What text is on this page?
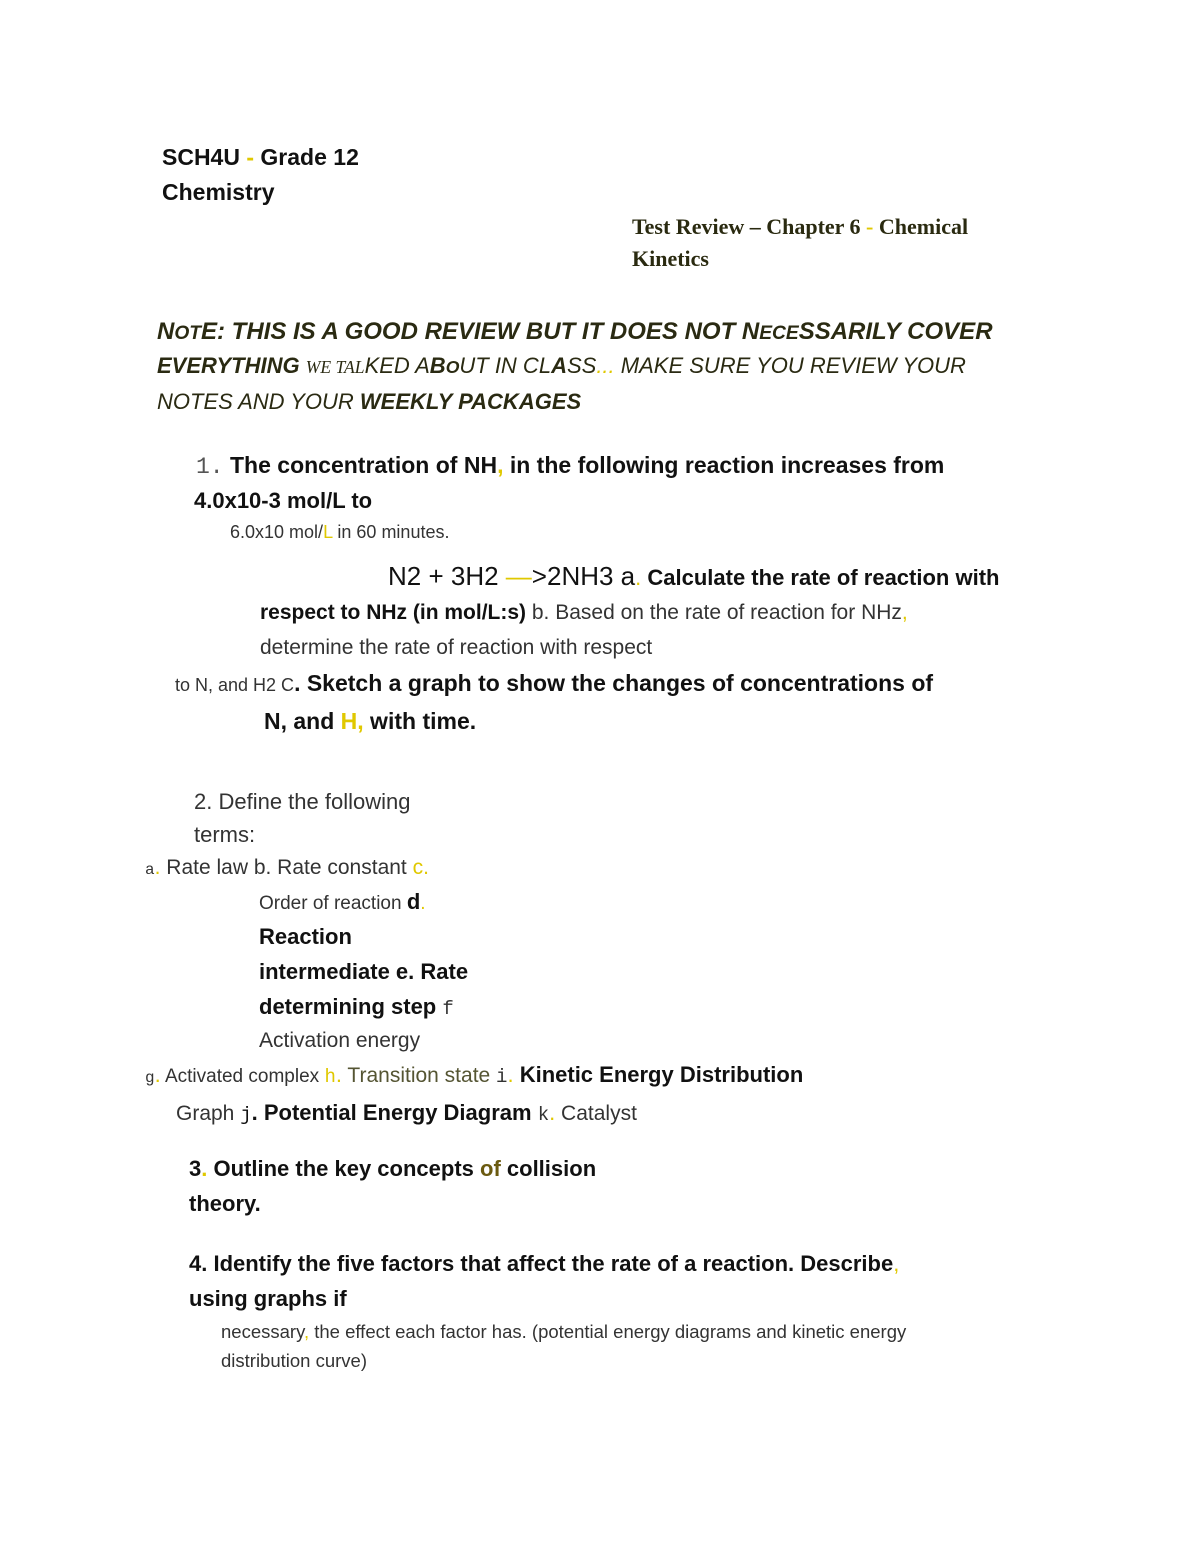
SCH4U - Grade 12
Chemistry
Test Review – Chapter 6 - Chemical
Kinetics
NOTE: THIS IS A GOOD REVIEW BUT IT DOES NOT NECESSARILY COVER
EVERYTHING WE TALKED ABOUT IN CLASS... MAKE SURE YOU REVIEW YOUR
NOTES AND YOUR WEEKLY PACKAGES
1. The concentration of NH, in the following reaction increases from
4.0x10-3 mol/L to
6.0x10 mol/L in 60 minutes.
N2 + 3H2 —>2NH3 a. Calculate the rate of reaction with
respect to NHz (in mol/L:s) b. Based on the rate of reaction for NHz,
determine the rate of reaction with respect
to N, and H2 C. Sketch a graph to show the changes of concentrations of
N, and H, with time.
2. Define the following
terms:
a. Rate law b. Rate constant c.
Order of reaction d.
Reaction
intermediate e. Rate
determining step f
Activation energy
g. Activated complex h. Transition state i. Kinetic Energy Distribution
Graph j. Potential Energy Diagram k. Catalyst
3. Outline the key concepts of collision
theory.
4. Identify the five factors that affect the rate of a reaction. Describe,
using graphs if
necessary, the effect each factor has. (potential energy diagrams and kinetic energy
distribution curve)
